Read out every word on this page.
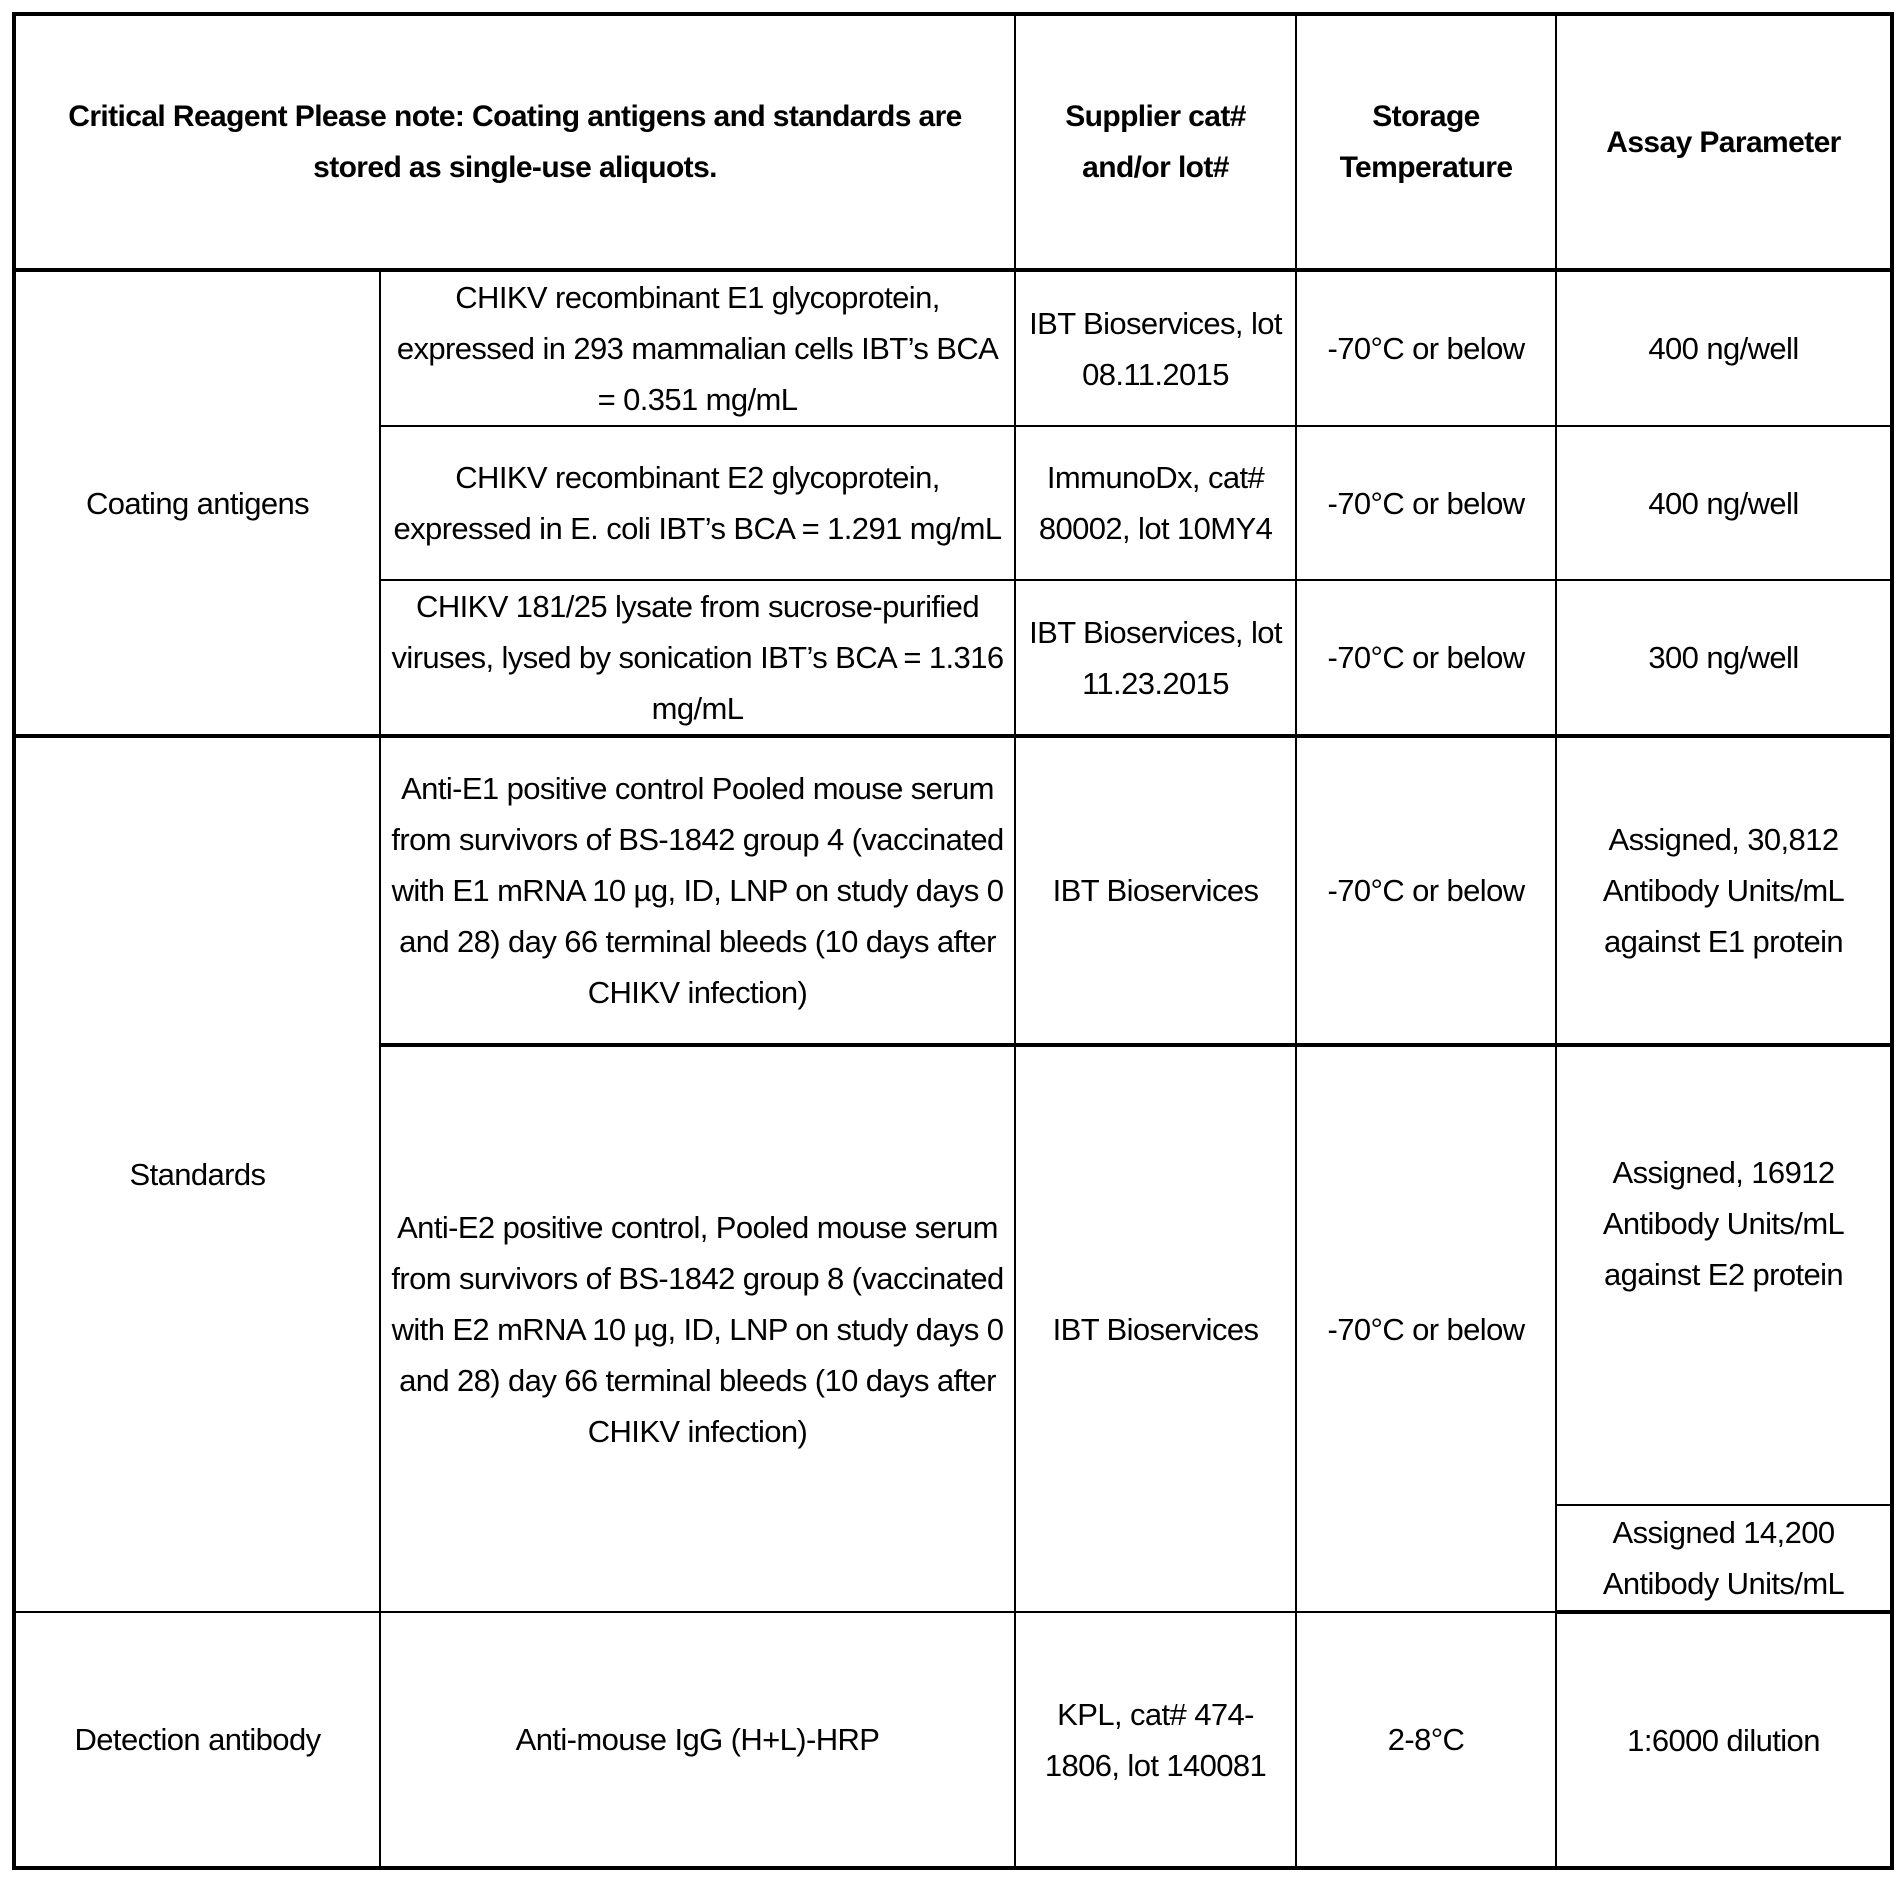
Critical Reagent Please note: Coating antigens and standards are stored as single-use aliquots.		Supplier cat# and/or lot#	Storage Temperature	Assay Parameter
Coating antigens	CHIKV recombinant E1 glycoprotein, expressed in 293 mammalian cells IBT’s BCA = 0.351 mg/mL	IBT Bioservices, lot 08.11.2015	-70°C or below	400 ng/well
	CHIKV recombinant E2 glycoprotein, expressed in E. coli IBT’s BCA = 1.291 mg/mL	ImmunoDx, cat# 80002, lot 10MY4	-70°C or below	400 ng/well
	CHIKV 181/25 lysate from sucrose-purified viruses, lysed by sonication IBT’s BCA = 1.316 mg/mL	IBT Bioservices, lot 11.23.2015	-70°C or below	300 ng/well
Standards	Anti-E1 positive control Pooled mouse serum from survivors of BS-1842 group 4 (vaccinated with E1 mRNA 10 µg, ID, LNP on study days 0 and 28) day 66 terminal bleeds (10 days after CHIKV infection)	IBT Bioservices	-70°C or below	Assigned, 30,812 Antibody Units/mL against E1 protein
	Anti-E2 positive control, Pooled mouse serum from survivors of BS-1842 group 8 (vaccinated with E2 mRNA 10 µg, ID, LNP on study days 0 and 28) day 66 terminal bleeds (10 days after CHIKV infection)	IBT Bioservices	-70°C or below	Assigned, 16912 Antibody Units/mL against E2 protein
				Assigned 14,200 Antibody Units/mL
Detection antibody	Anti-mouse IgG (H+L)-HRP	KPL, cat# 474-1806, lot 140081	2-8°C	1:6000 dilution
